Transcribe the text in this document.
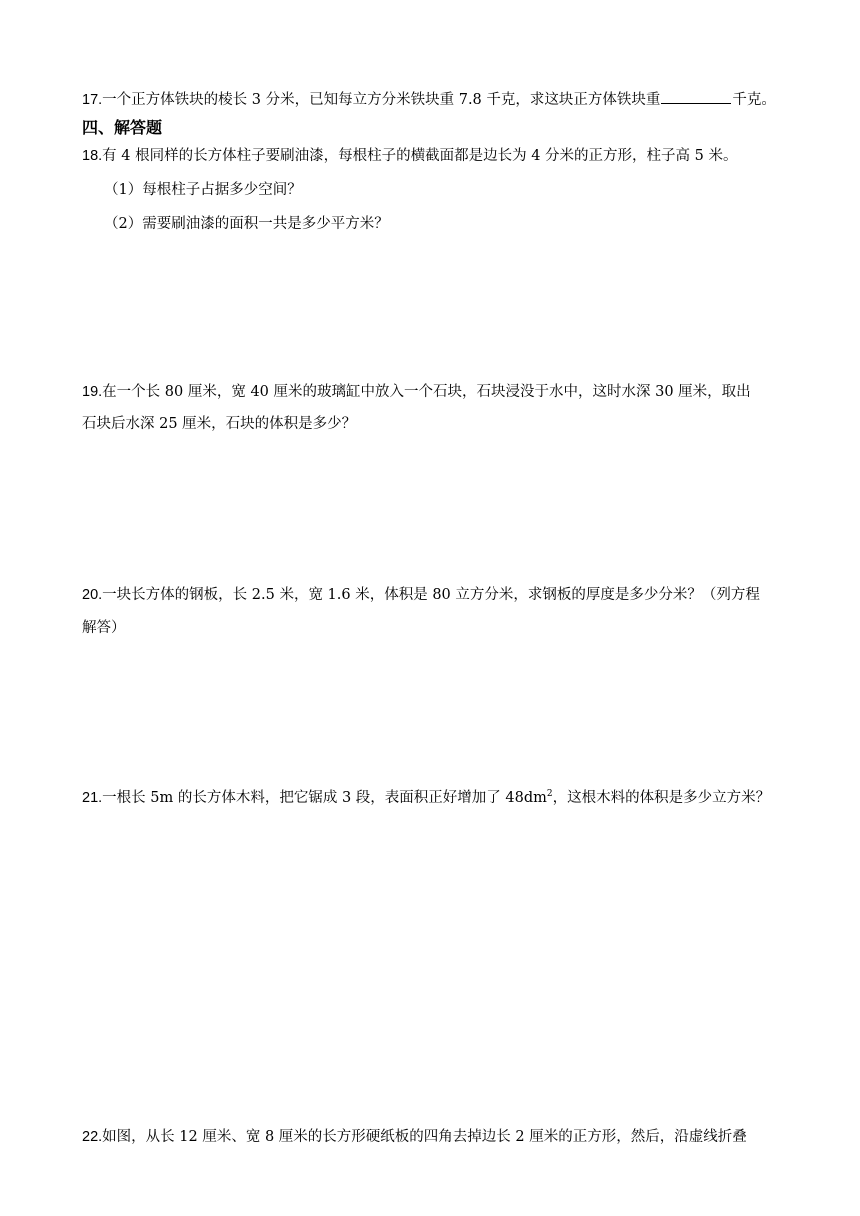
17.一个正方体铁块的棱长 3 分米，已知每立方分米铁块重 7.8 千克，求这块正方体铁块重	千克。
四、解答题
18.有 4 根同样的长方体柱子要刷油漆，每根柱子的横截面都是边长为 4 分米的正方形，柱子高 5 米。
（1）每根柱子占据多少空间？
（2）需要刷油漆的面积一共是多少平方米？
19.在一个长 80 厘米，宽 40 厘米的玻璃缸中放入一个石块，石块浸没于水中，这时水深 30 厘米，取出
石块后水深 25 厘米，石块的体积是多少？
20.一块长方体的钢板，长 2.5 米，宽 1.6 米，体积是 80 立方分米，求钢板的厚度是多少分米？（列方程
解答）
21.一根长 5m 的长方体木料，把它锯成 3 段，表面积正好增加了 $48dm^2$，这根木料的体积是多少立方米？
22.如图，从长 12 厘米、宽 8 厘米的长方形硬纸板的四角去掉边长 2 厘米的正方形，然后，沿虚线折叠
